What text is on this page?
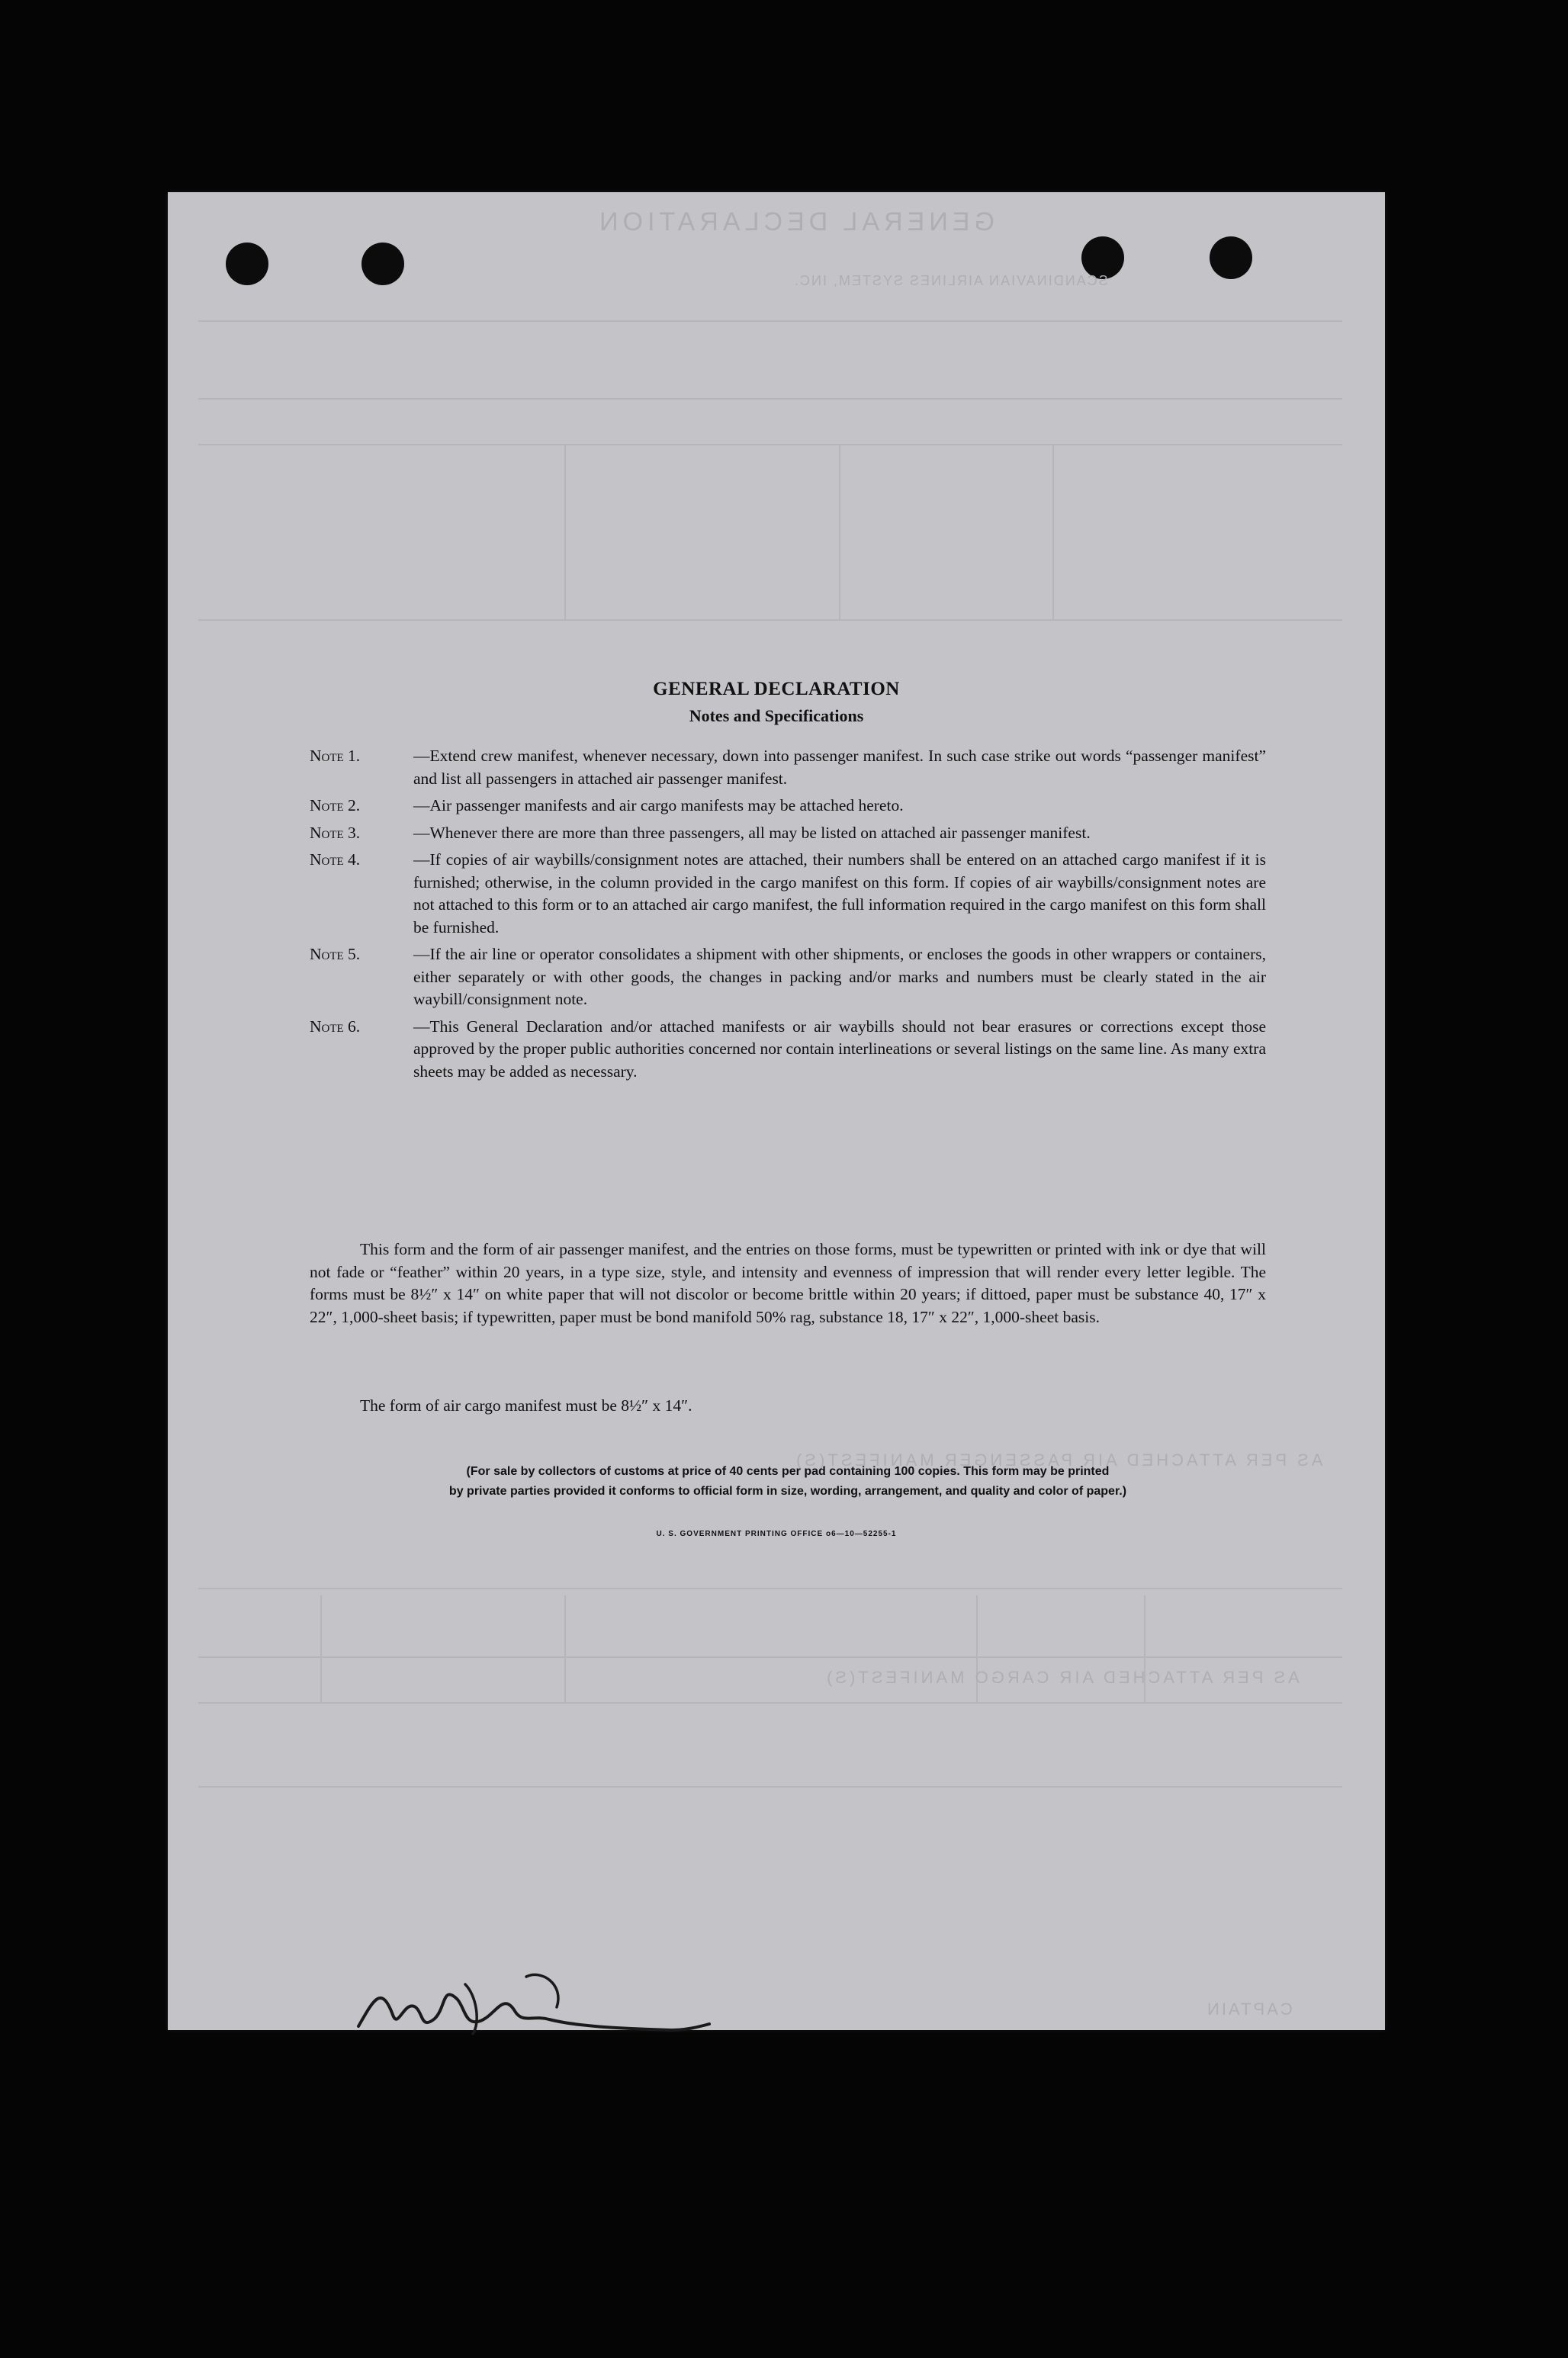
GENERAL DECLARATION
SCANDINAVIAN AIRLINES SYSTEM, INC.
AS PER ATTACHED AIR PASSENGER MANIFEST(S)
AS PER ATTACHED AIR CARGO MANIFEST(S)
CAPTAIN
GENERAL DECLARATION
Notes and Specifications
Note 1.	—Extend crew manifest, whenever necessary, down into passenger manifest. In such case strike out words “passenger manifest” and list all passengers in attached air passenger manifest.
Note 2.	—Air passenger manifests and air cargo manifests may be attached hereto.
Note 3.	—Whenever there are more than three passengers, all may be listed on attached air passenger manifest.
Note 4.	—If copies of air waybills/consignment notes are attached, their numbers shall be entered on an attached cargo manifest if it is furnished; otherwise, in the column provided in the cargo manifest on this form. If copies of air waybills/consignment notes are not attached to this form or to an attached air cargo manifest, the full information required in the cargo manifest on this form shall be furnished.
Note 5.	—If the air line or operator consolidates a shipment with other shipments, or encloses the goods in other wrappers or containers, either separately or with other goods, the changes in packing and/or marks and numbers must be clearly stated in the air waybill/consignment note.
Note 6.	—This General Declaration and/or attached manifests or air waybills should not bear erasures or corrections except those approved by the proper public authorities concerned nor contain interlineations or several listings on the same line. As many extra sheets may be added as necessary.
This form and the form of air passenger manifest, and the entries on those forms, must be typewritten or printed with ink or dye that will not fade or “feather” within 20 years, in a type size, style, and intensity and evenness of impression that will render every letter legible. The forms must be 8½″ x 14″ on white paper that will not discolor or become brittle within 20 years; if dittoed, paper must be substance 40, 17″ x 22″, 1,000-sheet basis; if typewritten, paper must be bond manifold 50% rag, substance 18, 17″ x 22″, 1,000-sheet basis.
The form of air cargo manifest must be 8½″ x 14″.
(For sale by collectors of customs at price of 40 cents per pad containing 100 copies. This form may be printed
by private parties provided it conforms to official form in size, wording, arrangement, and quality and color of paper.)
U. S. GOVERNMENT PRINTING OFFICE o6—10—52255-1
